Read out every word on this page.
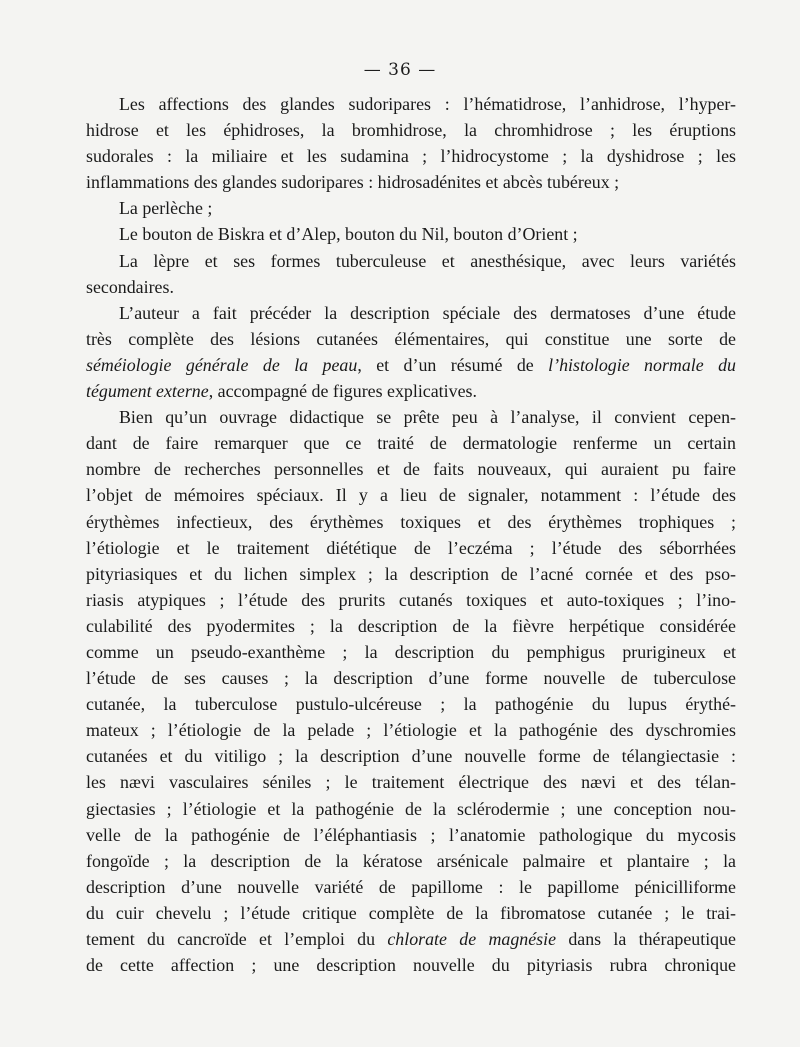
— 36 —
Les affections des glandes sudoripares : l’hématidrose, l’anhidrose, l’hyper-
hidrose et les éphidroses, la bromhidrose, la chromhidrose ; les éruptions
sudorales : la miliaire et les sudamina ; l’hidrocystome ; la dyshidrose ; les
inflammations des glandes sudoripares : hidrosadénites et abcès tubéreux ;
La perlèche ;
Le bouton de Biskra et d’Alep, bouton du Nil, bouton d’Orient ;
La lèpre et ses formes tuberculeuse et anesthésique, avec leurs variétés
secondaires.
L’auteur a fait précéder la description spéciale des dermatoses d’une étude
très complète des lésions cutanées élémentaires, qui constitue une sorte de
séméiologie générale de la peau, et d’un résumé de l’histologie normale du
tégument externe, accompagné de figures explicatives.
Bien qu’un ouvrage didactique se prête peu à l’analyse, il convient cepen-
dant de faire remarquer que ce traité de dermatologie renferme un certain
nombre de recherches personnelles et de faits nouveaux, qui auraient pu faire
l’objet de mémoires spéciaux. Il y a lieu de signaler, notamment : l’étude des
érythèmes infectieux, des érythèmes toxiques et des érythèmes trophiques ;
l’étiologie et le traitement diététique de l’eczéma ; l’étude des séborrhées
pityriasiques et du lichen simplex ; la description de l’acné cornée et des pso-
riasis atypiques ; l’étude des prurits cutanés toxiques et auto-toxiques ; l’ino-
culabilité des pyodermites ; la description de la fièvre herpétique considérée
comme un pseudo-exanthème ; la description du pemphigus prurigineux et
l’étude de ses causes ; la description d’une forme nouvelle de tuberculose
cutanée, la tuberculose pustulo-ulcéreuse ; la pathogénie du lupus érythé-
mateux ; l’étiologie de la pelade ; l’étiologie et la pathogénie des dyschromies
cutanées et du vitiligo ; la description d’une nouvelle forme de télangiectasie :
les nævi vasculaires séniles ; le traitement électrique des nævi et des télan-
giectasies ; l’étiologie et la pathogénie de la sclérodermie ; une conception nou-
velle de la pathogénie de l’éléphantiasis ; l’anatomie pathologique du mycosis
fongoïde ; la description de la kératose arsénicale palmaire et plantaire ; la
description d’une nouvelle variété de papillome : le papillome pénicilliforme
du cuir chevelu ; l’étude critique complète de la fibromatose cutanée ; le trai-
tement du cancroïde et l’emploi du chlorate de magnésie dans la thérapeutique
de cette affection ; une description nouvelle du pityriasis rubra chronique
